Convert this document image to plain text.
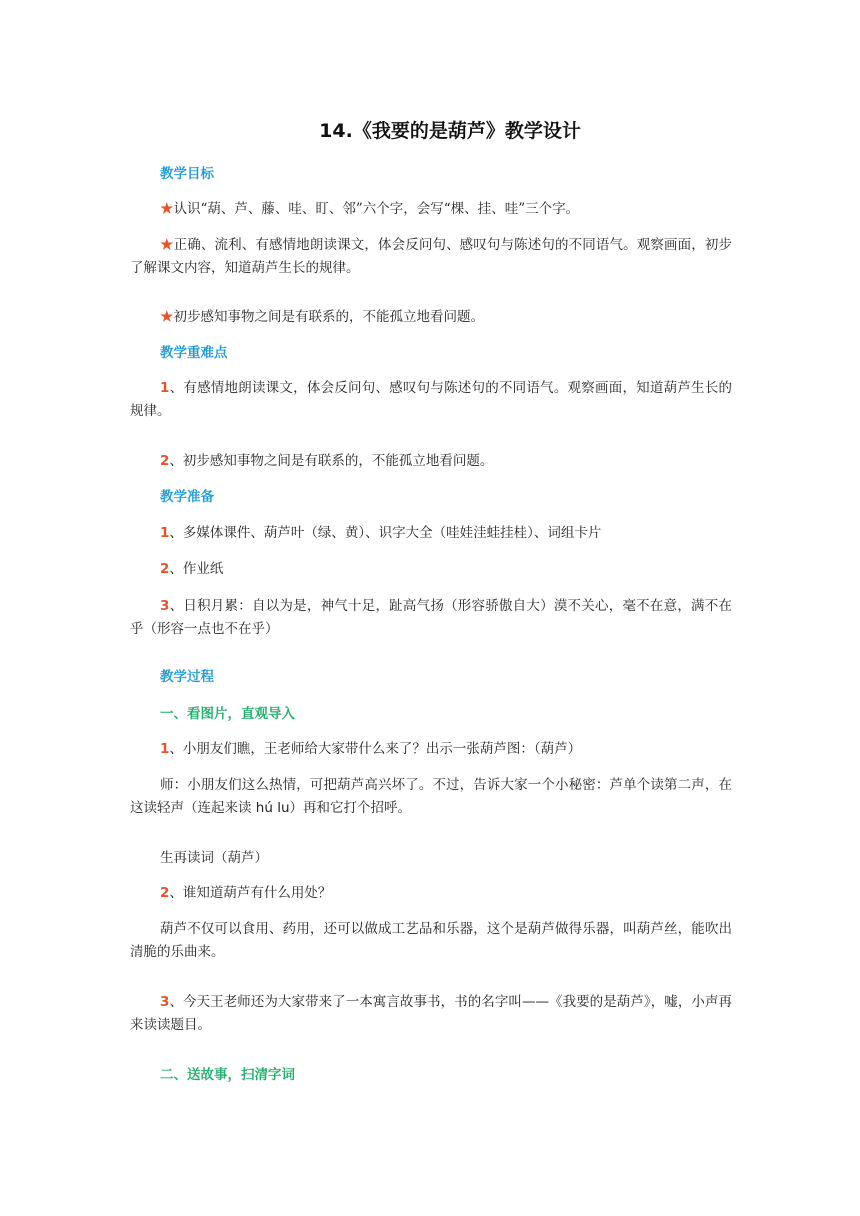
14.《我要的是葫芦》教学设计

教学目标

★认识“葫、芦、藤、哇、盯、邻”六个字，会写“棵、挂、哇”三个字。

★正确、流利、有感情地朗读课文，体会反问句、感叹句与陈述句的不同语气。观察画面，初步了解课文内容，知道葫芦生长的规律。

★初步感知事物之间是有联系的，不能孤立地看问题。

教学重难点

1、有感情地朗读课文，体会反问句、感叹句与陈述句的不同语气。观察画面，知道葫芦生长的规律。

2、初步感知事物之间是有联系的，不能孤立地看问题。

教学准备

1、多媒体课件、葫芦叶（绿、黄）、识字大全（哇娃洼蛙挂桂）、词组卡片

2、作业纸

3、日积月累：自以为是，神气十足，趾高气扬（形容骄傲自大）漠不关心，毫不在意，满不在乎（形容一点也不在乎）

教学过程

一、看图片，直观导入

1、小朋友们瞧，王老师给大家带什么来了？出示一张葫芦图：（葫芦）

师：小朋友们这么热情，可把葫芦高兴坏了。不过，告诉大家一个小秘密：芦单个读第二声，在这读轻声（连起来读 hú lu）再和它打个招呼。

生再读词（葫芦）

2、谁知道葫芦有什么用处？

葫芦不仅可以食用、药用，还可以做成工艺品和乐器，这个是葫芦做得乐器，叫葫芦丝，能吹出清脆的乐曲来。

3、今天王老师还为大家带来了一本寓言故事书，书的名字叫——《我要的是葫芦》，嘘，小声再来读读题目。

二、送故事，扫清字词
